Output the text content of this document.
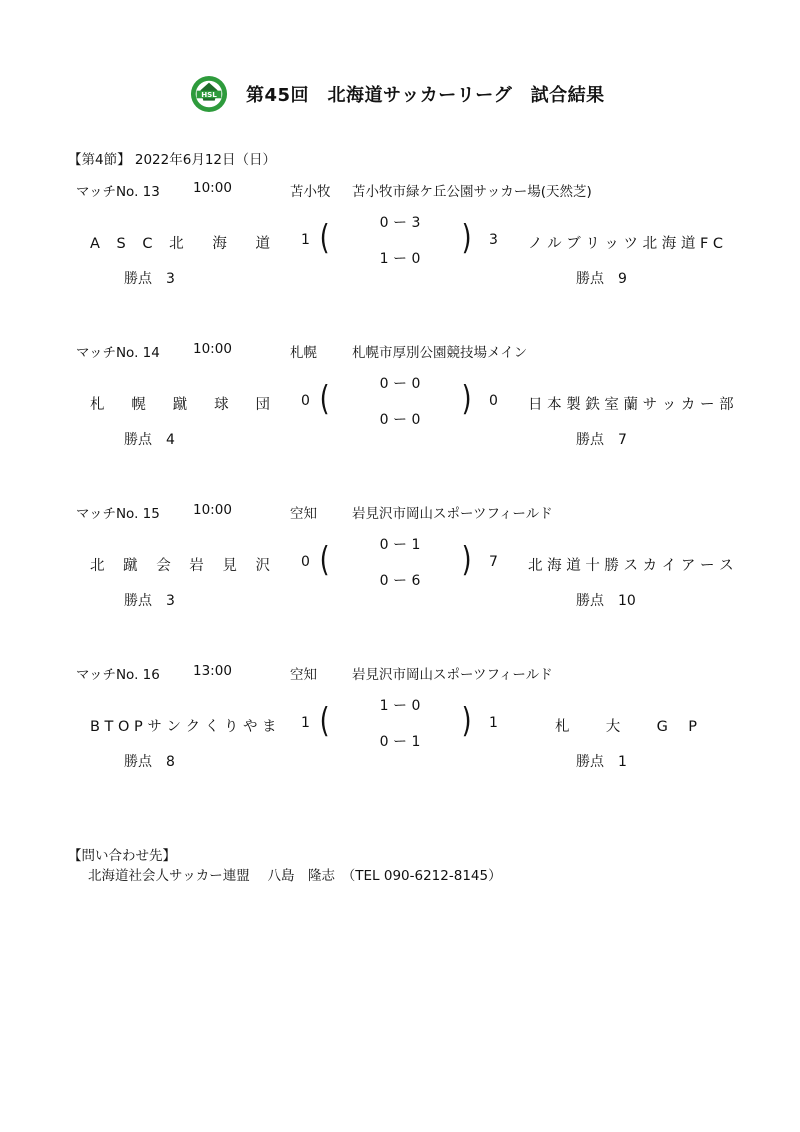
HSL 第45回　北海道サッカーリーグ　試合結果
【第4節】 2022年6月12日（日）
マッチNo. 13 10:00	苫小牧 苫小牧市緑ケ丘公園サッカー場(天然芝)
A S C 北 海 道 1 (	0 ー 3
1 ー 0
) 3 ノ ル ブ リ ッ ツ 北 海 道 F C
勝点　3	勝点　9
マッチNo. 14 10:00	札幌	札幌市厚別公園競技場メイン
札 幌 蹴 球 団 0 (	0 ー 0
0 ー 0
) 0 日 本 製 鉄 室 蘭 サ ッ カ ー 部
勝点　4	勝点　7
マッチNo. 15 10:00	空知	岩見沢市岡山スポーツフィールド
北 蹴 会 岩 見 沢 0 (	0 ー 1
0 ー 6
) 7 北 海 道 十 勝 ス カ イ ア ー ス
勝点　3	勝点　10
マッチNo. 16 13:00	空知	岩見沢市岡山スポーツフィールド
B T O P サ ン ク く り や ま 1 (	1 ー 0
0 ー 1
) 1	札 大 G P
勝点　8	勝点　1
【問い合わせ先】
北海道社会人サッカー連盟　 八島　隆志　（TEL 090-6212-8145）
